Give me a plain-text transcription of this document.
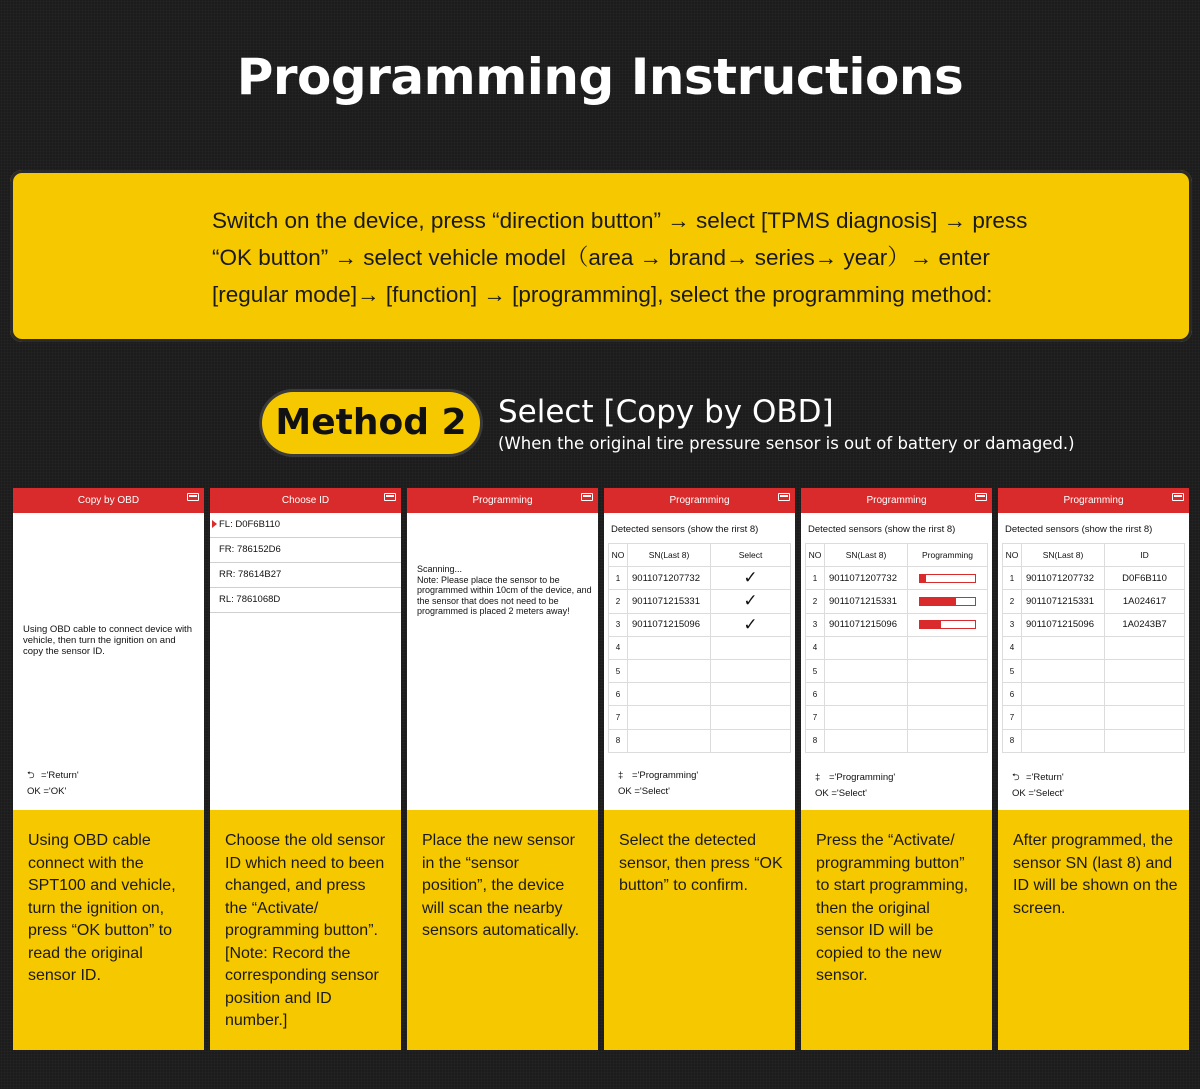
Programming Instructions

Switch on the device, press “direction button” → select [TPMS diagnosis] → press

“OK button” → select vehicle model（area → brand→ series→ year）→ enter

[regular mode]→ [function] → [programming], select the programming method:

Method 2	Select [Copy by OBD]
(When the original tire pressure sensor is out of battery or damaged.)
Copy by OBD
Using OBD cable to connect device with vehicle, then turn the ignition on and copy the sensor ID.
⮌ ='Return'
OK ='OK'
Using OBD cable connect with the SPT100 and vehicle, turn the ignition on, press “OK button” to read the original sensor ID.
Choose ID
FL: D0F6B110
FR: 786152D6
RR: 78614B27
RL: 7861068D
Choose the old sensor ID which need to been changed, and press the “Activate/ programming button”. [Note: Record the corresponding sensor position and ID number.]
Programming
Scanning...
Note: Please place the sensor to be programmed within 10cm of the device, and the sensor that does not need to be programmed is placed 2 meters away!
Place the new sensor in the “sensor position”, the device will scan the nearby sensors automatically.
Programming
Detected sensors (show the rirst 8)
NO	SN(Last 8)	Select
1	9011071207732	✓
2	9011071215331	✓
3	9011071215096	✓
4		
5		
6		
7		
8		
‡ ='Programming'
OK ='Select'
Select the detected sensor, then press “OK button” to confirm.
Programming
Detected sensors (show the rirst 8)
NO	SN(Last 8)	Programming
1	9011071207732	

2	9011071215331	

3	9011071215096	

4		
5		
6		
7		
8		
‡ ='Programming'
OK ='Select'
Press the “Activate/ programming button” to start programming, then the original sensor ID will be copied to the new sensor.
Programming
Detected sensors (show the rirst 8)
NO	SN(Last 8)	ID
1	9011071207732	D0F6B110
2	9011071215331	1A024617
3	9011071215096	1A0243B7
4		
5		
6		
7		
8		
⮌ ='Return'
OK ='Select'
After programmed, the sensor SN (last 8) and ID will be shown on the screen.
